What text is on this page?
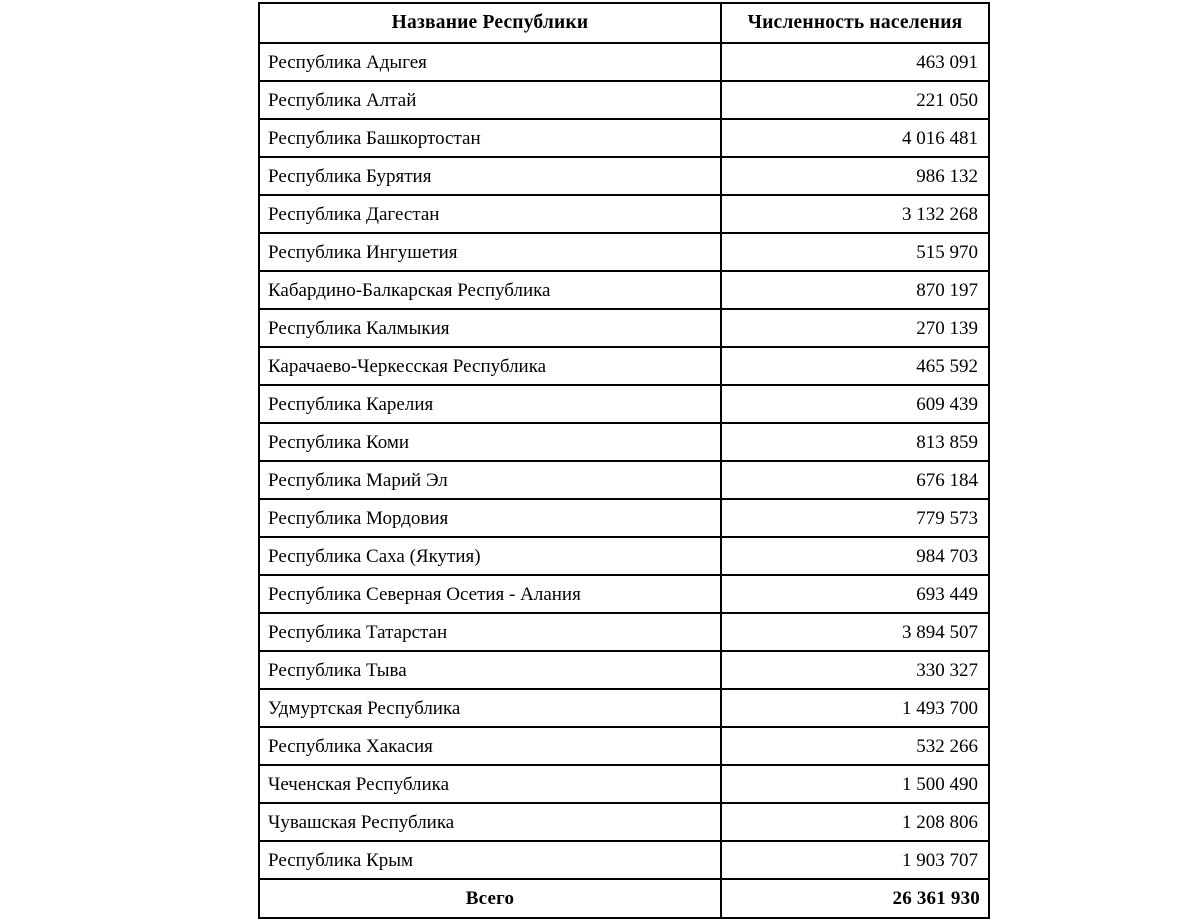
Название Республики	Численность населения
Республика Адыгея	463 091
Республика Алтай	221 050
Республика Башкортостан	4 016 481
Республика Бурятия	986 132
Республика Дагестан	3 132 268
Республика Ингушетия	515 970
Кабардино-Балкарская Республика	870 197
Республика Калмыкия	270 139
Карачаево-Черкесская Республика	465 592
Республика Карелия	609 439
Республика Коми	813 859
Республика Марий Эл	676 184
Республика Мордовия	779 573
Республика Саха (Якутия)	984 703
Республика Северная Осетия - Алания	693 449
Республика Татарстан	3 894 507
Республика Тыва	330 327
Удмуртская Республика	1 493 700
Республика Хакасия	532 266
Чеченская Республика	1 500 490
Чувашская Республика	1 208 806
Республика Крым	1 903 707
Всего	26 361 930
